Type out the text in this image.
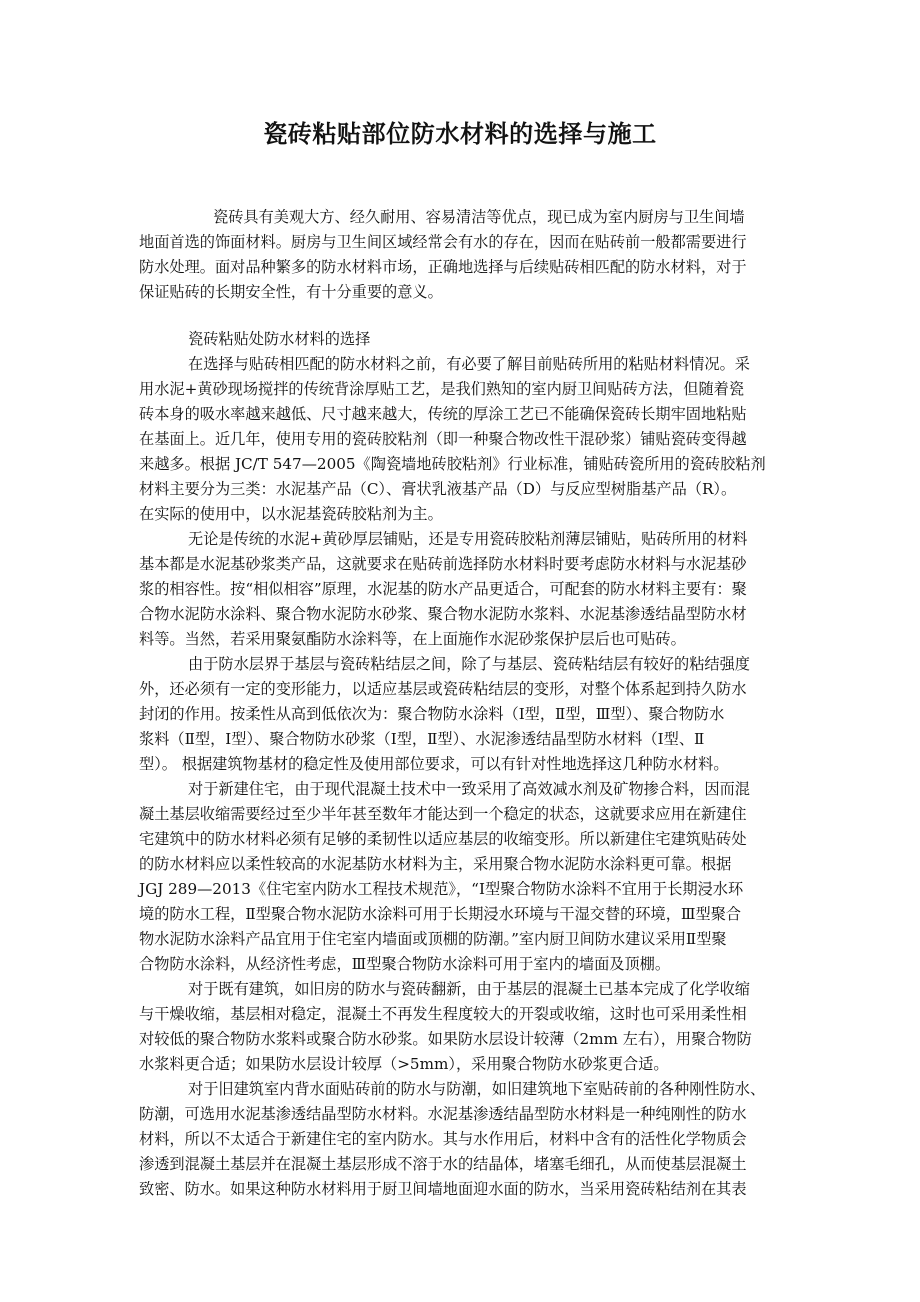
瓷砖粘贴部位防水材料的选择与施工
瓷砖具有美观大方、经久耐用、容易清洁等优点，现已成为室内厨房与卫生间墙
地面首选的饰面材料。厨房与卫生间区域经常会有水的存在，因而在贴砖前一般都需要进行
防水处理。面对品种繁多的防水材料市场，正确地选择与后续贴砖相匹配的防水材料，对于
保证贴砖的长期安全性，有十分重要的意义。
瓷砖粘贴处防水材料的选择
在选择与贴砖相匹配的防水材料之前，有必要了解目前贴砖所用的粘贴材料情况。采
用水泥+黄砂现场搅拌的传统背涂厚贴工艺，是我们熟知的室内厨卫间贴砖方法，但随着瓷
砖本身的吸水率越来越低、尺寸越来越大，传统的厚涂工艺已不能确保瓷砖长期牢固地粘贴
在基面上。近几年，使用专用的瓷砖胶粘剂（即一种聚合物改性干混砂浆）铺贴瓷砖变得越
来越多。根据 JC/T 547—2005《陶瓷墙地砖胶粘剂》行业标准，铺贴砖瓷所用的瓷砖胶粘剂
材料主要分为三类：水泥基产品（C）、膏状乳液基产品（D）与反应型树脂基产品（R）。
在实际的使用中，以水泥基瓷砖胶粘剂为主。
无论是传统的水泥+黄砂厚层铺贴，还是专用瓷砖胶粘剂薄层铺贴，贴砖所用的材料
基本都是水泥基砂浆类产品，这就要求在贴砖前选择防水材料时要考虑防水材料与水泥基砂
浆的相容性。按“相似相容”原理，水泥基的防水产品更适合，可配套的防水材料主要有：聚
合物水泥防水涂料、聚合物水泥防水砂浆、聚合物水泥防水浆料、水泥基渗透结晶型防水材
料等。当然，若采用聚氨酯防水涂料等，在上面施作水泥砂浆保护层后也可贴砖。
由于防水层界于基层与瓷砖粘结层之间，除了与基层、瓷砖粘结层有较好的粘结强度
外，还必须有一定的变形能力，以适应基层或瓷砖粘结层的变形，对整个体系起到持久防水
封闭的作用。按柔性从高到低依次为：聚合物防水涂料（Ⅰ型，Ⅱ型，Ⅲ型）、聚合物防水
浆料（Ⅱ型，Ⅰ型）、聚合物防水砂浆（Ⅰ型，Ⅱ型）、水泥渗透结晶型防水材料（Ⅰ型、Ⅱ
型）。 根据建筑物基材的稳定性及使用部位要求，可以有针对性地选择这几种防水材料。
对于新建住宅，由于现代混凝土技术中一致采用了高效减水剂及矿物掺合料，因而混
凝土基层收缩需要经过至少半年甚至数年才能达到一个稳定的状态，这就要求应用在新建住
宅建筑中的防水材料必须有足够的柔韧性以适应基层的收缩变形。所以新建住宅建筑贴砖处
的防水材料应以柔性较高的水泥基防水材料为主，采用聚合物水泥防水涂料更可靠。根据
JGJ 289—2013《住宅室内防水工程技术规范》，“Ⅰ型聚合物防水涂料不宜用于长期浸水环
境的防水工程，Ⅱ型聚合物水泥防水涂料可用于长期浸水环境与干湿交替的环境，Ⅲ型聚合
物水泥防水涂料产品宜用于住宅室内墙面或顶棚的防潮。”室内厨卫间防水建议采用Ⅱ型聚
合物防水涂料，从经济性考虑，Ⅲ型聚合物防水涂料可用于室内的墙面及顶棚。
对于既有建筑，如旧房的防水与瓷砖翻新，由于基层的混凝土已基本完成了化学收缩
与干燥收缩，基层相对稳定，混凝土不再发生程度较大的开裂或收缩，这时也可采用柔性相
对较低的聚合物防水浆料或聚合防水砂浆。如果防水层设计较薄（2mm 左右），用聚合物防
水浆料更合适；如果防水层设计较厚（>5mm），采用聚合物防水砂浆更合适。
对于旧建筑室内背水面贴砖前的防水与防潮，如旧建筑地下室贴砖前的各种刚性防水、
防潮，可选用水泥基渗透结晶型防水材料。水泥基渗透结晶型防水材料是一种纯刚性的防水
材料，所以不太适合于新建住宅的室内防水。其与水作用后，材料中含有的活性化学物质会
渗透到混凝土基层并在混凝土基层形成不溶于水的结晶体，堵塞毛细孔，从而使基层混凝土
致密、防水。如果这种防水材料用于厨卫间墙地面迎水面的防水，当采用瓷砖粘结剂在其表
